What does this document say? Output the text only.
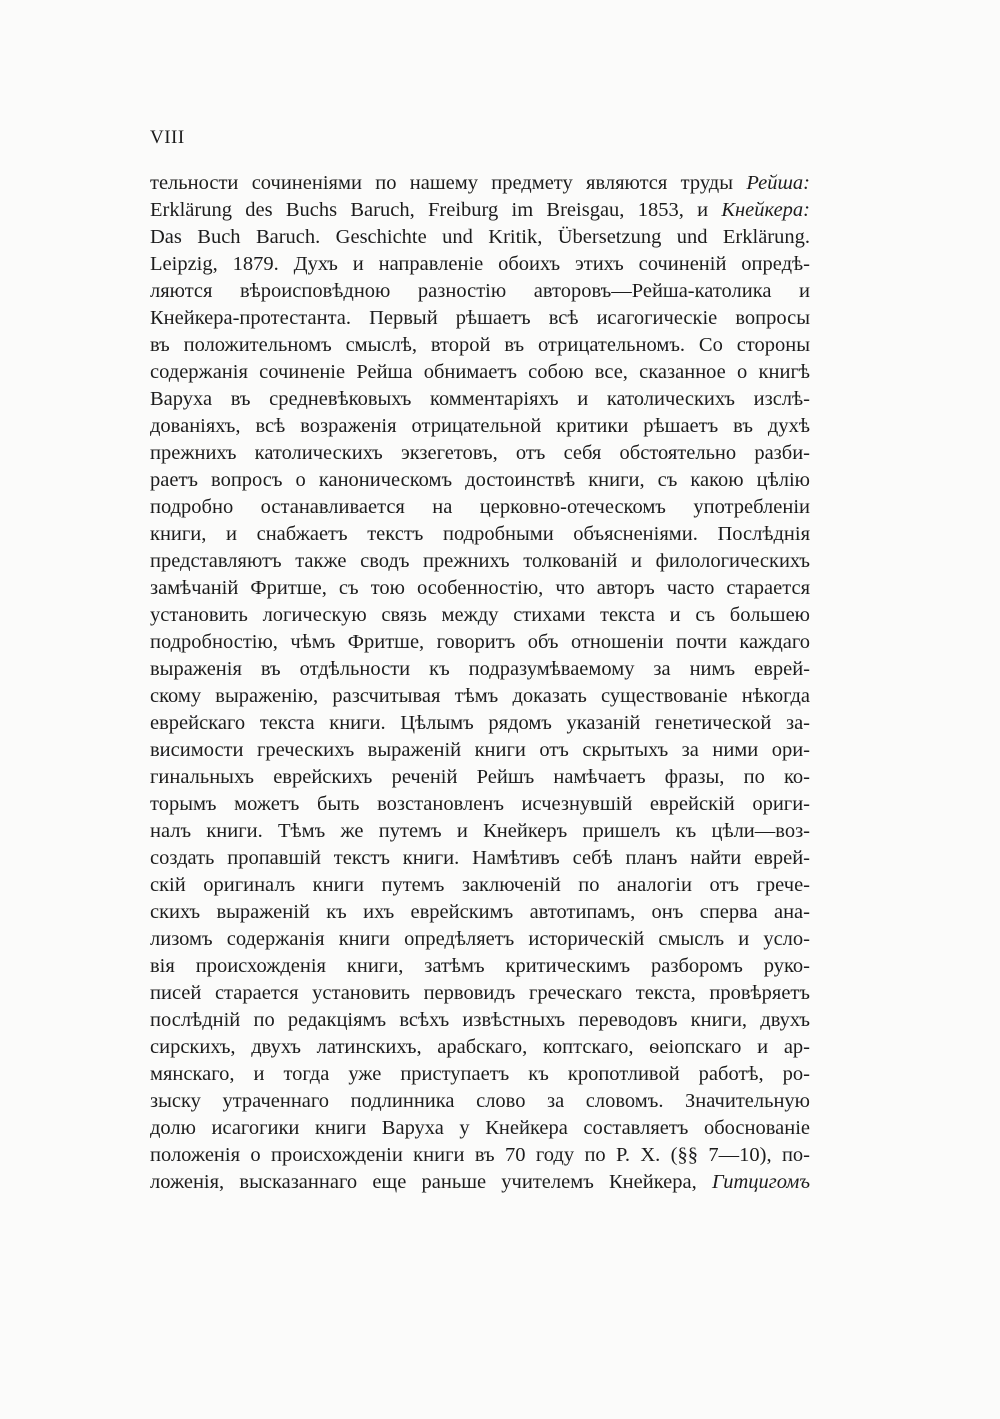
VIII
тельности сочиненіями по нашему предмету являются труды Рейша:
Erklärung des Buchs Baruch, Freiburg im Breisgau, 1853, и Кнейкера:
Das Buch Baruch. Geschichte und Kritik, Übersetzung und Erklärung.
Leipzig, 1879. Духъ и направленіе обоихъ этихъ сочиненій опредѣ-
ляются вѣроисповѣдною разностію авторовъ—Рейша-католика и
Кнейкера-протестанта. Первый рѣшаетъ всѣ исагогическіе вопросы
въ положительномъ смыслѣ, второй въ отрицательномъ. Со стороны
содержанія сочиненіе Рейша обнимаетъ собою все, сказанное о книгѣ
Варуха въ средневѣковыхъ комментаріяхъ и католическихъ изслѣ-
дованіяхъ, всѣ возраженія отрицательной критики рѣшаетъ въ духѣ
прежнихъ католическихъ экзегетовъ, отъ себя обстоятельно разби-
раетъ вопросъ о каноническомъ достоинствѣ книги, съ какою цѣлію
подробно останавливается на церковно-отеческомъ употребленіи
книги, и снабжаетъ текстъ подробными объясненіями. Послѣднія
представляютъ также сводъ прежнихъ толкованій и филологическихъ
замѣчаній Фритше, съ тою особенностію, что авторъ часто старается
установить логическую связь между стихами текста и съ большею
подробностію, чѣмъ Фритше, говоритъ объ отношеніи почти каждаго
выраженія въ отдѣльности къ подразумѣваемому за нимъ еврей-
скому выраженію, разсчитывая тѣмъ доказать существованіе нѣкогда
еврейскаго текста книги. Цѣлымъ рядомъ указаній генетической за-
висимости греческихъ выраженій книги отъ скрытыхъ за ними ори-
гинальныхъ еврейскихъ реченій Рейшъ намѣчаетъ фразы, по ко-
торымъ можетъ быть возстановленъ исчезнувшій еврейскій ориги-
налъ книги. Тѣмъ же путемъ и Кнейкеръ пришелъ къ цѣли—воз-
создать пропавшій текстъ книги. Намѣтивъ себѣ планъ найти еврей-
скій оригиналъ книги путемъ заключеній по аналогіи отъ грече-
скихъ выраженій къ ихъ еврейскимъ автотипамъ, онъ сперва ана-
лизомъ содержанія книги опредѣляетъ историческій смыслъ и усло-
вія происхожденія книги, затѣмъ критическимъ разборомъ руко-
писей старается установить первовидъ греческаго текста, провѣряетъ
послѣдній по редакціямъ всѣхъ извѣстныхъ переводовъ книги, двухъ
сирскихъ, двухъ латинскихъ, арабскаго, коптскаго, ѳеіопскаго и ар-
мянскаго, и тогда уже приступаетъ къ кропотливой работѣ, ро-
зыску утраченнаго подлинника слово за словомъ. Значительную
долю исагогики книги Варуха у Кнейкера составляетъ обоснованіе
положенія о происхожденіи книги въ 70 году по Р. Х. (§§ 7—10), по-
ложенія, высказаннаго еще раньше учителемъ Кнейкера, Гитцигомъ
